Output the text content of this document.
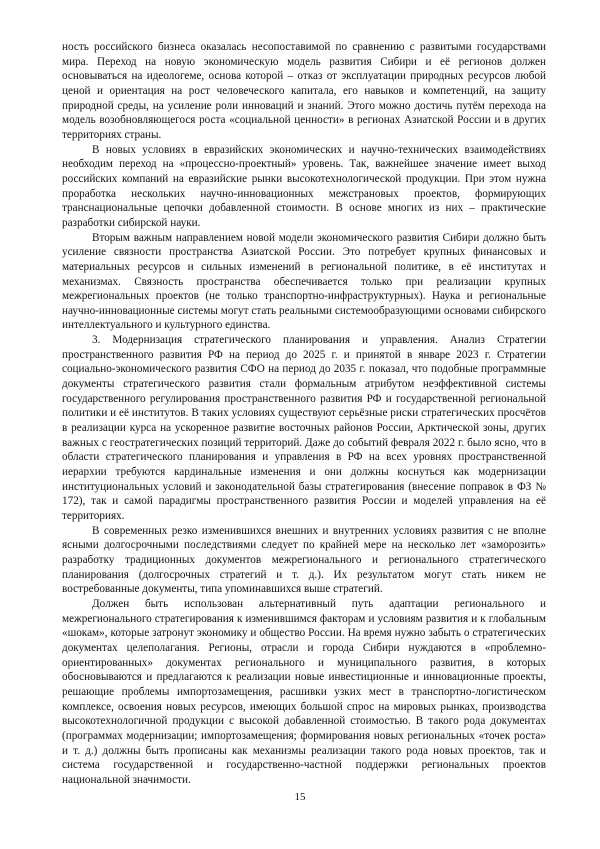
ность российского бизнеса оказалась несопоставимой по сравнению с развитыми государствами мира. Переход на новую экономическую модель развития Сибири и её регионов должен основываться на идеологеме, основа которой – отказ от эксплуатации природных ресурсов любой ценой и ориентация на рост человеческого капитала, его навыков и компетенций, на защиту природной среды, на усиление роли инноваций и знаний. Этого можно достичь путём перехода на модель возобновляющегося роста «социальной ценности» в регионах Азиатской России и в других территориях страны.

В новых условиях в евразийских экономических и научно-технических взаимодействиях необходим переход на «процессно-проектный» уровень. Так, важнейшее значение имеет выход российских компаний на евразийские рынки высокотехнологической продукции. При этом нужна проработка нескольких научно-инновационных межстрановых проектов, формирующих транснациональные цепочки добавленной стоимости. В основе многих из них – практические разработки сибирской науки.

Вторым важным направлением новой модели экономического развития Сибири должно быть усиление связности пространства Азиатской России. Это потребует крупных финансовых и материальных ресурсов и сильных изменений в региональной политике, в её институтах и механизмах. Связность пространства обеспечивается только при реализации крупных межрегиональных проектов (не только транспортно-инфраструктурных). Наука и региональные научно-инновационные системы могут стать реальными системообразующими основами сибирского интеллектуального и культурного единства.

3. Модернизация стратегического планирования и управления. Анализ Стратегии пространственного развития РФ на период до 2025 г. и принятой в январе 2023 г. Стратегии социально-экономического развития СФО на период до 2035 г. показал, что подобные программные документы стратегического развития стали формальным атрибутом неэффективной системы государственного регулирования пространственного развития РФ и государственной региональной политики и её институтов. В таких условиях существуют серьёзные риски стратегических просчётов в реализации курса на ускоренное развитие восточных районов России, Арктической зоны, других важных с геостратегических позиций территорий. Даже до событий февраля 2022 г. было ясно, что в области стратегического планирования и управления в РФ на всех уровнях пространственной иерархии требуются кардинальные изменения и они должны коснуться как модернизации институциональных условий и законодательной базы стратегирования (внесение поправок в ФЗ № 172), так и самой парадигмы пространственного развития России и моделей управления на её территориях.

В современных резко изменившихся внешних и внутренних условиях развития с не вполне ясными долгосрочными последствиями следует по крайней мере на несколько лет «заморозить» разработку традиционных документов межрегионального и регионального стратегического планирования (долгосрочных стратегий и т. д.). Их результатом могут стать никем не востребованные документы, типа упоминавшихся выше стратегий.

Должен быть использован альтернативный путь адаптации регионального и межрегионального стратегирования к изменившимся факторам и условиям развития и к глобальным «шокам», которые затронут экономику и общество России. На время нужно забыть о стратегических документах целеполагания. Регионы, отрасли и города Сибири нуждаются в «проблемно-ориентированных» документах регионального и муниципального развития, в которых обосновываются и предлагаются к реализации новые инвестиционные и инновационные проекты, решающие проблемы импортозамещения, расшивки узких мест в транспортно-логистическом комплексе, освоения новых ресурсов, имеющих большой спрос на мировых рынках, производства высокотехнологичной продукции с высокой добавленной стоимостью. В такого рода документах (программах модернизации; импортозамещения; формирования новых региональных «точек роста» и т. д.) должны быть прописаны как механизмы реализации такого рода новых проектов, так и система государственной и государственно-частной поддержки региональных проектов национальной значимости.

15
